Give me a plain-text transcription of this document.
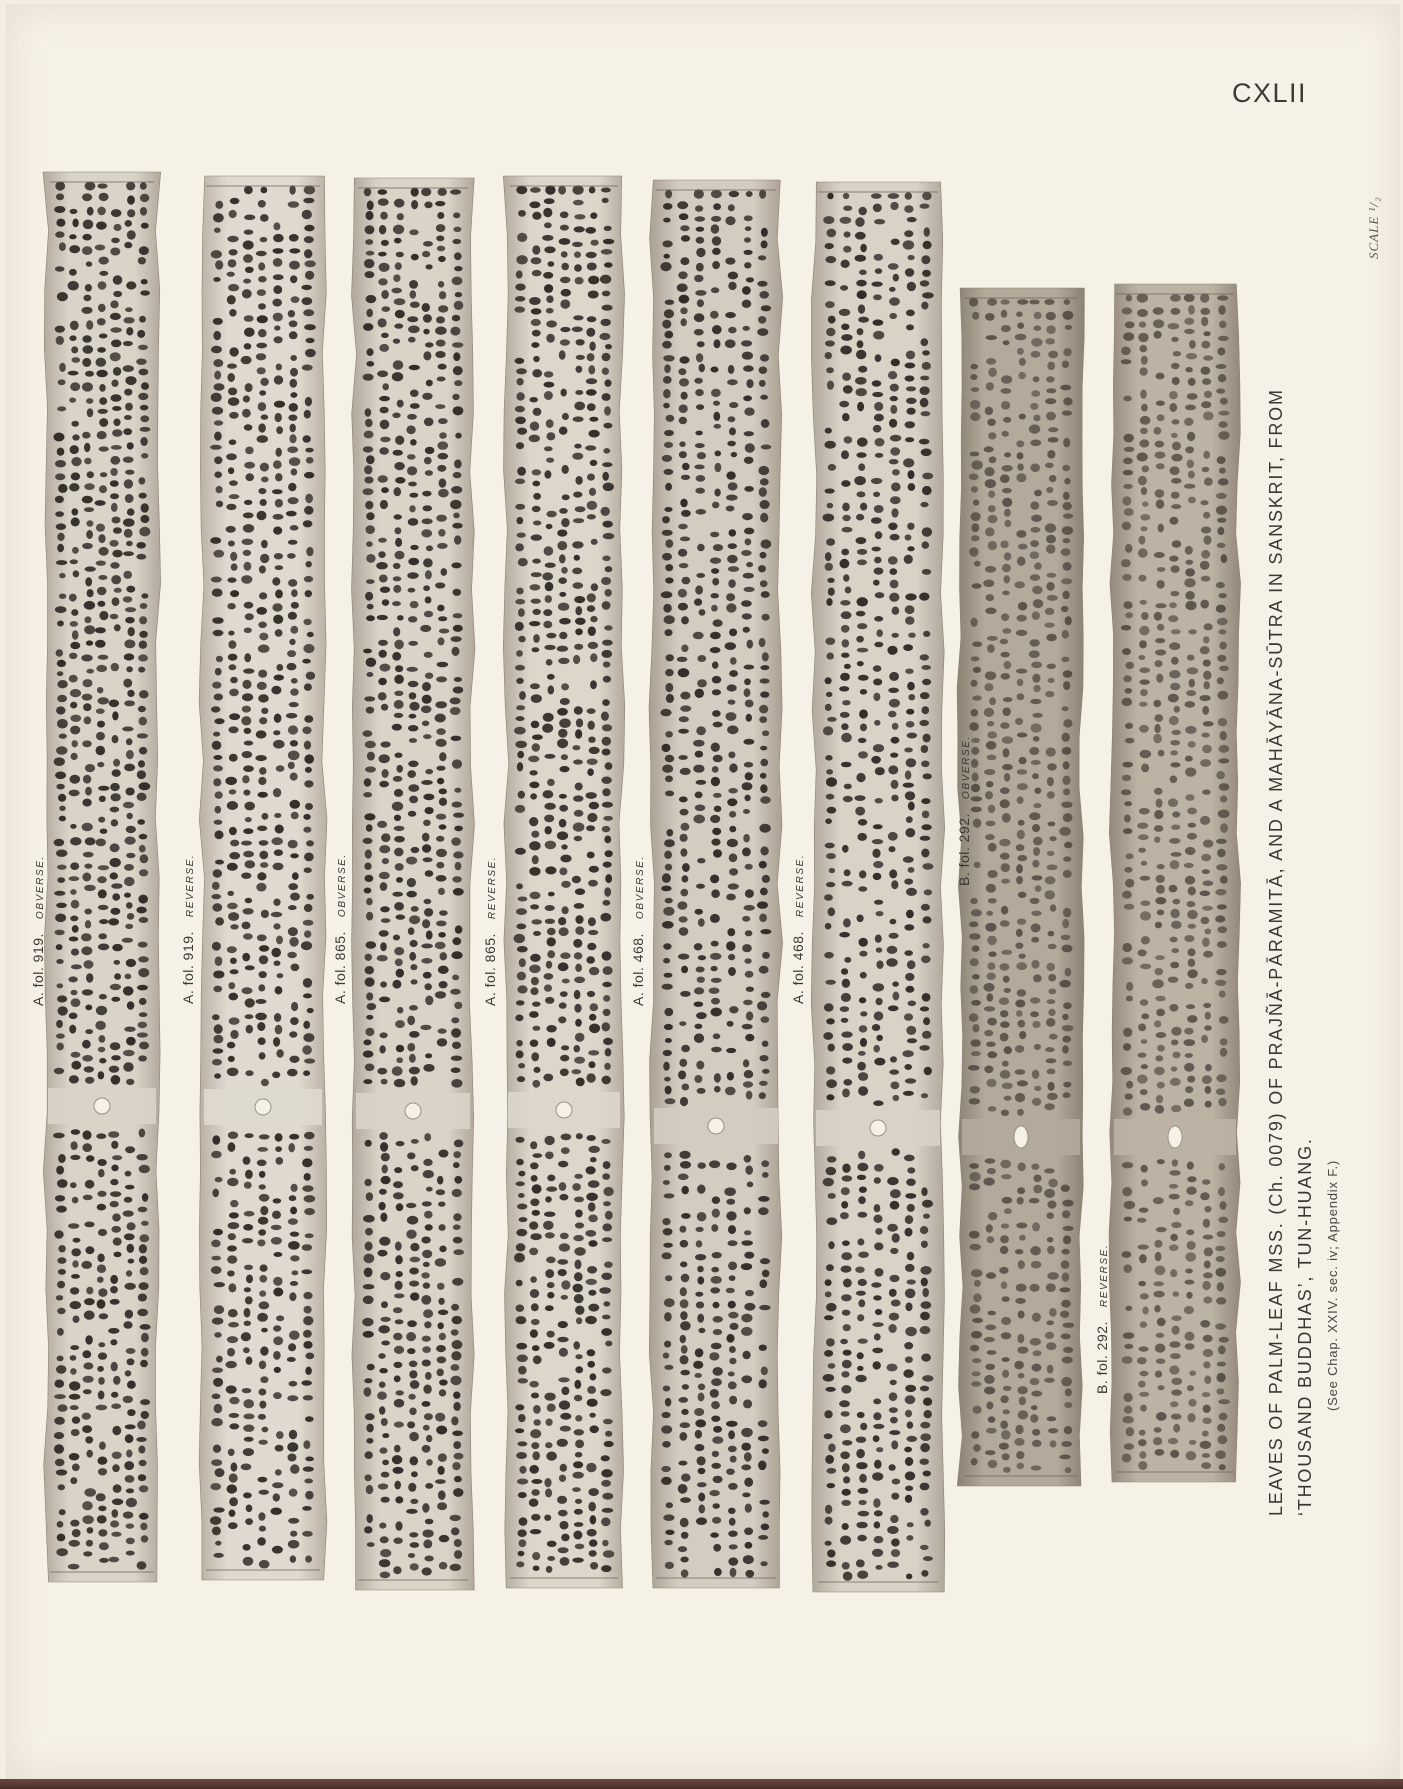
CXLII
SCALE ¹/₂
A. fol. 919.OBVERSE.
A. fol. 919.REVERSE.
A. fol. 865.OBVERSE.
A. fol. 865.REVERSE.
A. fol. 468.OBVERSE.
A. fol. 468.REVERSE.	B. fol. 292.OBVERSE.
B. fol. 292.REVERSE.	LEAVES OF PALM-LEAF MSS. (Ch. 0079) OF PRAJÑĀ-PĀRAMITĀ, AND A MAHĀYĀNA-SŪTRA IN SANSKRIT, FROM ‘THOUSAND BUDDHAS’, TUN-HUANG. (See Chap. XXIV. sec. iv; Appendix F.)
